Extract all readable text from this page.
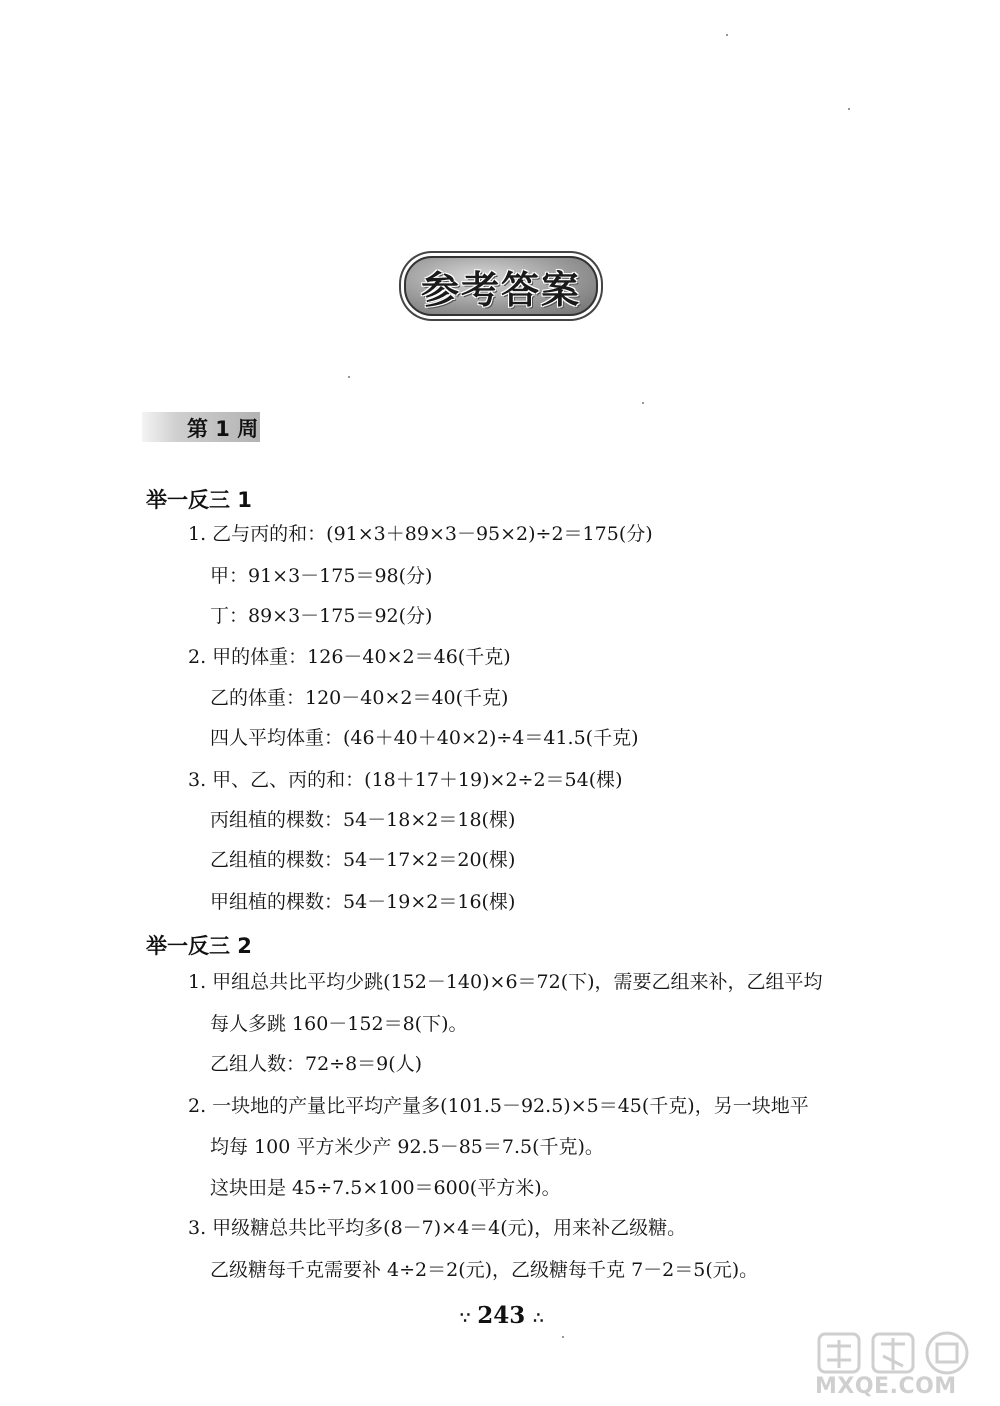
参考答案
第 1 周
举一反三 1
1. 乙与丙的和：(91×3＋89×3－95×2)÷2＝175(分)
甲：91×3－175＝98(分)
丁：89×3－175＝92(分)
2. 甲的体重：126－40×2＝46(千克)
乙的体重：120－40×2＝40(千克)
四人平均体重：(46＋40＋40×2)÷4＝41.5(千克)
3. 甲、乙、丙的和：(18＋17＋19)×2÷2＝54(棵)
丙组植的棵数：54－18×2＝18(棵)
乙组植的棵数：54－17×2＝20(棵)
甲组植的棵数：54－19×2＝16(棵)
举一反三 2
1. 甲组总共比平均少跳(152－140)×6＝72(下)，需要乙组来补，乙组平均
每人多跳 160－152＝8(下)。
乙组人数：72÷8＝9(人)
2. 一块地的产量比平均产量多(101.5－92.5)×5＝45(千克)，另一块地平
均每 100 平方米少产 92.5－85＝7.5(千克)。
这块田是 45÷7.5×100＝600(平方米)。
3. 甲级糖总共比平均多(8－7)×4＝4(元)，用来补乙级糖。
乙级糖每千克需要补 4÷2＝2(元)，乙级糖每千克 7－2＝5(元)。
∵ 243 ∴
MXQE.COM
